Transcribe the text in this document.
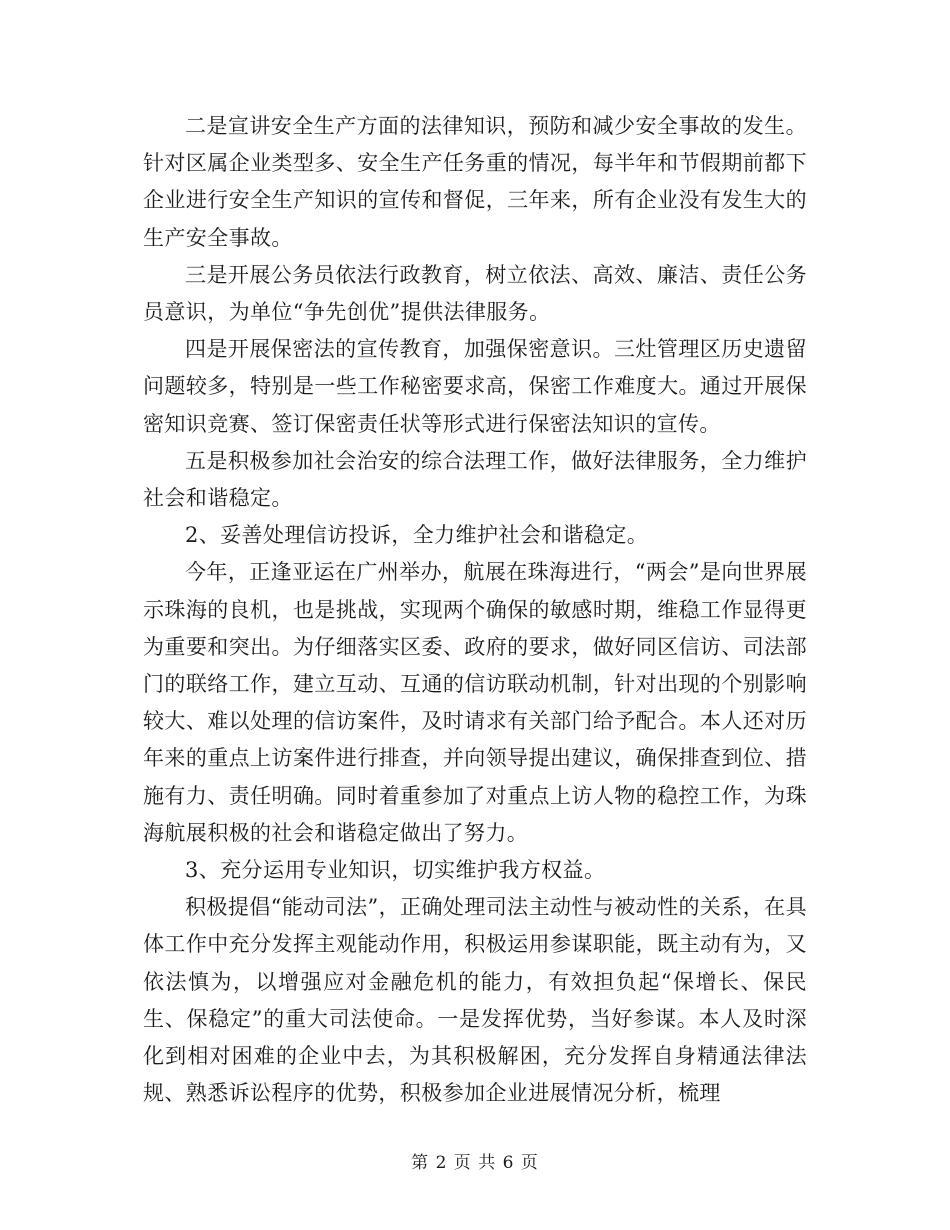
二是宣讲安全生产方面的法律知识，预防和减少安全事故的发生。针对区属企业类型多、安全生产任务重的情况，每半年和节假期前都下企业进行安全生产知识的宣传和督促，三年来，所有企业没有发生大的生产安全事故。

三是开展公务员依法行政教育，树立依法、高效、廉洁、责任公务员意识，为单位“争先创优”提供法律服务。

四是开展保密法的宣传教育，加强保密意识。三灶管理区历史遗留问题较多，特别是一些工作秘密要求高，保密工作难度大。通过开展保密知识竞赛、签订保密责任状等形式进行保密法知识的宣传。

五是积极参加社会治安的综合法理工作，做好法律服务，全力维护社会和谐稳定。

2、妥善处理信访投诉，全力维护社会和谐稳定。

今年，正逢亚运在广州举办，航展在珠海进行，“两会”是向世界展示珠海的良机，也是挑战，实现两个确保的敏感时期，维稳工作显得更为重要和突出。为仔细落实区委、政府的要求，做好同区信访、司法部门的联络工作，建立互动、互通的信访联动机制，针对出现的个别影响较大、难以处理的信访案件，及时请求有关部门给予配合。本人还对历年来的重点上访案件进行排查，并向领导提出建议，确保排查到位、措施有力、责任明确。同时着重参加了对重点上访人物的稳控工作，为珠海航展积极的社会和谐稳定做出了努力。

3、充分运用专业知识，切实维护我方权益。

积极提倡“能动司法”，正确处理司法主动性与被动性的关系，在具体工作中充分发挥主观能动作用，积极运用参谋职能，既主动有为，又依法慎为，以增强应对金融危机的能力，有效担负起“保增长、保民生、保稳定”的重大司法使命。一是发挥优势，当好参谋。本人及时深化到相对困难的企业中去，为其积极解困，充分发挥自身精通法律法规、熟悉诉讼程序的优势，积极参加企业进展情况分析，梳理

第 2 页 共 6 页
